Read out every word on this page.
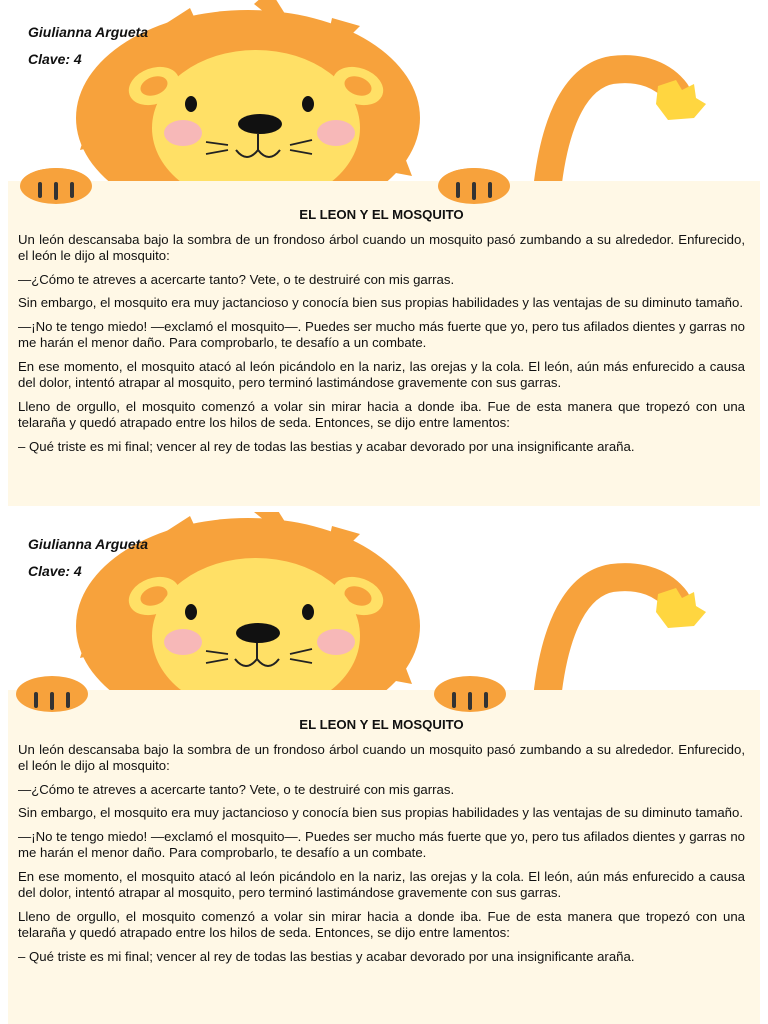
Giulianna Argueta
Clave: 4
EL LEON Y EL MOSQUITO

Un león descansaba bajo la sombra de un frondoso árbol cuando un mosquito pasó zumbando a su alrededor. Enfurecido, el león le dijo al mosquito:

—¿Cómo te atreves a acercarte tanto? Vete, o te destruiré con mis garras.

Sin embargo, el mosquito era muy jactancioso y conocía bien sus propias habilidades y las ventajas de su diminuto tamaño.

—¡No te tengo miedo! —exclamó el mosquito—. Puedes ser mucho más fuerte que yo, pero tus afilados dientes y garras no me harán el menor daño. Para comprobarlo, te desafío a un combate.

En ese momento, el mosquito atacó al león picándolo en la nariz, las orejas y la cola. El león, aún más enfurecido a causa del dolor, intentó atrapar al mosquito, pero terminó lastimándose gravemente con sus garras.

Lleno de orgullo, el mosquito comenzó a volar sin mirar hacia a donde iba. Fue de esta manera que tropezó con una telaraña y quedó atrapado entre los hilos de seda. Entonces, se dijo entre lamentos:

– Qué triste es mi final; vencer al rey de todas las bestias y acabar devorado por una insignificante araña.

Giulianna Argueta
Clave: 4
EL LEON Y EL MOSQUITO

Un león descansaba bajo la sombra de un frondoso árbol cuando un mosquito pasó zumbando a su alrededor. Enfurecido, el león le dijo al mosquito:

—¿Cómo te atreves a acercarte tanto? Vete, o te destruiré con mis garras.

Sin embargo, el mosquito era muy jactancioso y conocía bien sus propias habilidades y las ventajas de su diminuto tamaño.

—¡No te tengo miedo! —exclamó el mosquito—. Puedes ser mucho más fuerte que yo, pero tus afilados dientes y garras no me harán el menor daño. Para comprobarlo, te desafío a un combate.

En ese momento, el mosquito atacó al león picándolo en la nariz, las orejas y la cola. El león, aún más enfurecido a causa del dolor, intentó atrapar al mosquito, pero terminó lastimándose gravemente con sus garras.

Lleno de orgullo, el mosquito comenzó a volar sin mirar hacia a donde iba. Fue de esta manera que tropezó con una telaraña y quedó atrapado entre los hilos de seda. Entonces, se dijo entre lamentos:

– Qué triste es mi final; vencer al rey de todas las bestias y acabar devorado por una insignificante araña.
